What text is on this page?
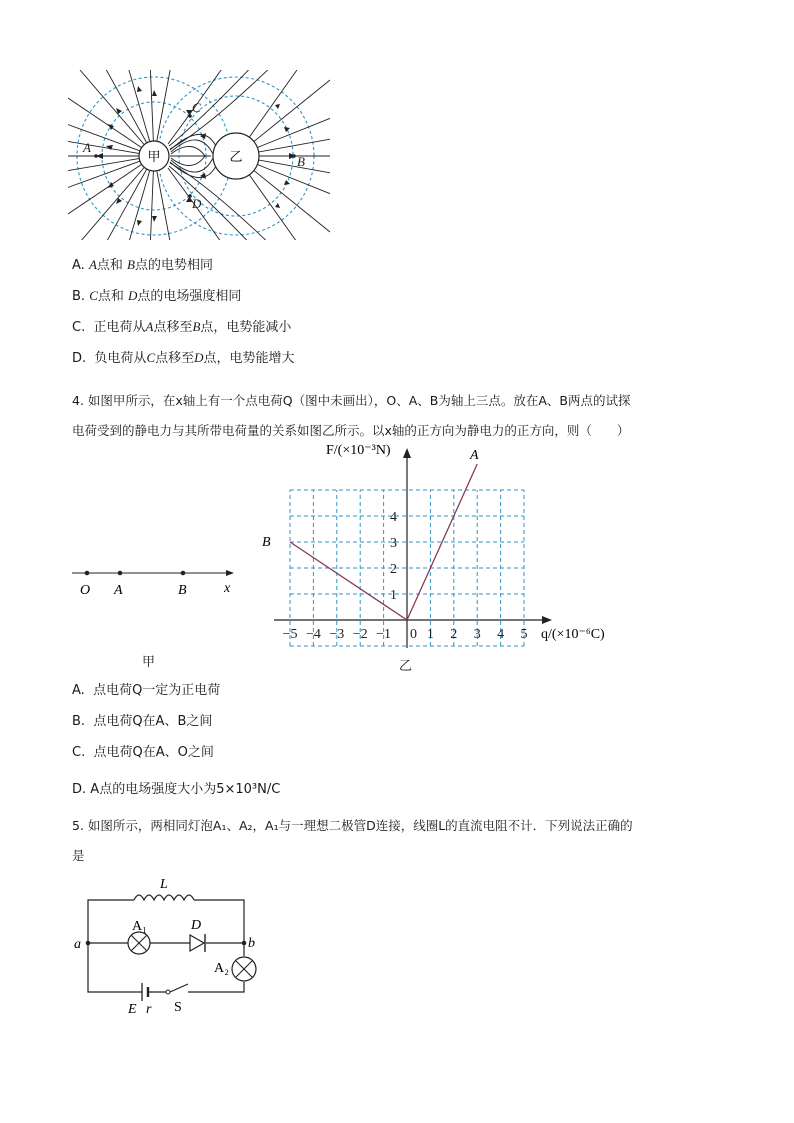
甲	乙
A
B
C
D
A. A点和 B点的电势相同
B. C点和 D点的电场强度相同
C. 正电荷从A点移至B点，电势能减小
D. 负电荷从C点移至D点，电势能增大
4. 如图甲所示，在x轴上有一个点电荷Q（图中未画出），O、A、B为轴上三点。放在A、B两点的试探
电荷受到的静电力与其所带电荷量的关系如图乙所示。以x轴的正方向为静电力的正方向，则（　　）
O A	B	x
甲
−5 −4 −3 −2 −1 0 1 2 3 4 5
1
2
3
4
q/(×10⁻⁶C)
F/(×10⁻³N)	A
B
乙
A. 点电荷Q一定为正电荷
B. 点电荷Q在A、B之间
C. 点电荷Q在A、O之间
D. A点的电场强度大小为5×10³N/C
5. 如图所示，两相同灯泡A₁、A₂，A₁与一理想二极管D连接，线圈L的直流电阻不计．下列说法正确的
是
L
A₁	D
a	b
A₂
E r S
